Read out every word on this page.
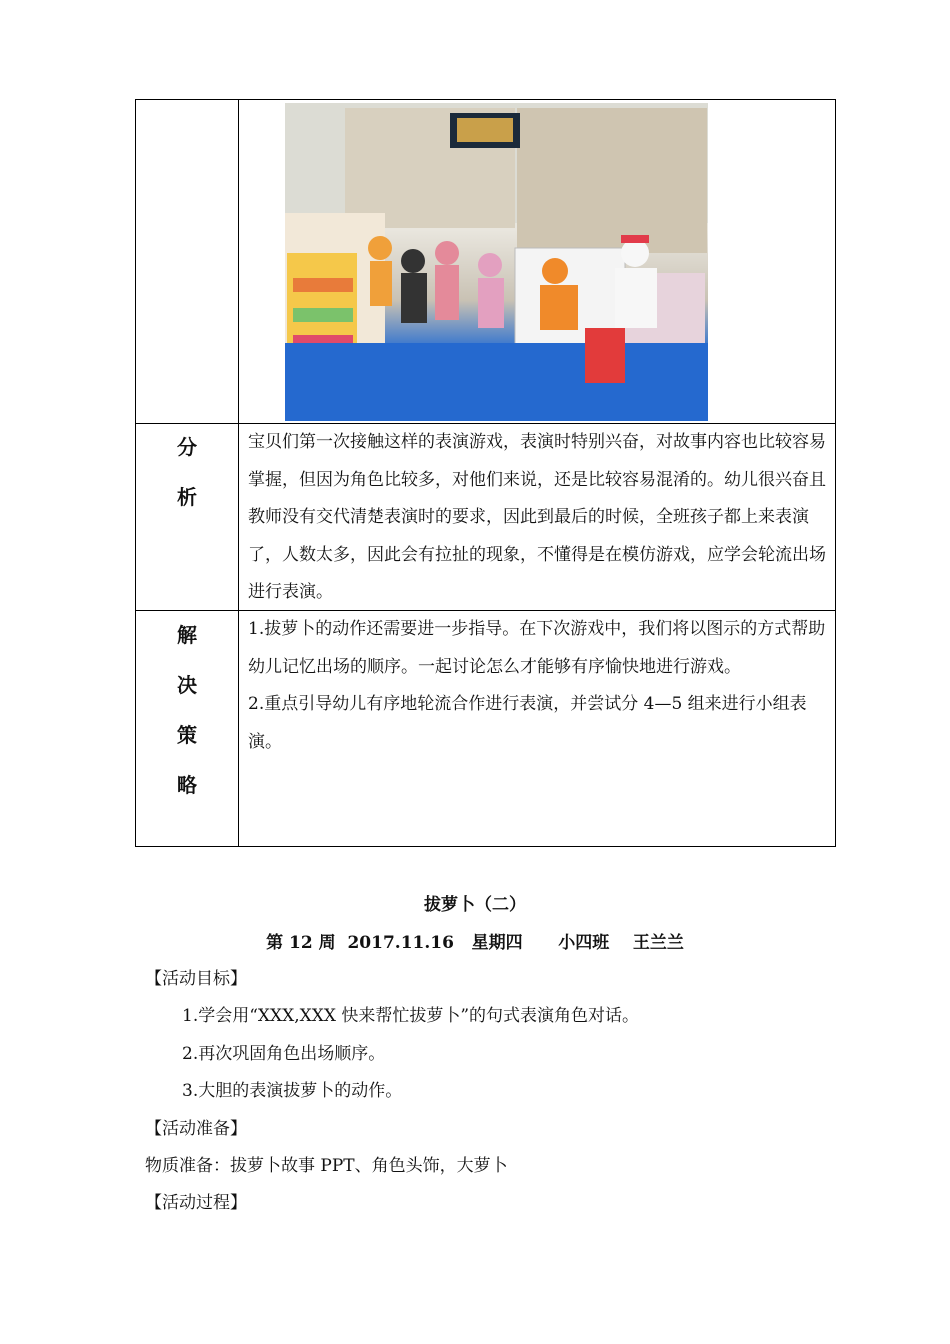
分
析

宝贝们第一次接触这样的表演游戏，表演时特别兴奋，对故事内容也比较容易掌握，但因为角色比较多，对他们来说，还是比较容易混淆的。幼儿很兴奋且教师没有交代清楚表演时的要求，因此到最后的时候，全班孩子都上来表演了，人数太多，因此会有拉扯的现象，不懂得是在模仿游戏，应学会轮流出场进行表演。

解
决
策
略

1.拔萝卜的动作还需要进一步指导。在下次游戏中，我们将以图示的方式帮助幼儿记忆出场的顺序。一起讨论怎么才能够有序愉快地进行游戏。

2.重点引导幼儿有序地轮流合作进行表演，并尝试分 4—5 组来进行小组表演。

拔萝卜（二）
第 12 周  2017.11.16   星期四      小四班    王兰兰
【活动目标】
1.学会用“XXX,XXX 快来帮忙拔萝卜”的句式表演角色对话。
2.再次巩固角色出场顺序。
3.大胆的表演拔萝卜的动作。
【活动准备】
物质准备：拔萝卜故事 PPT、角色头饰，大萝卜
【活动过程】
